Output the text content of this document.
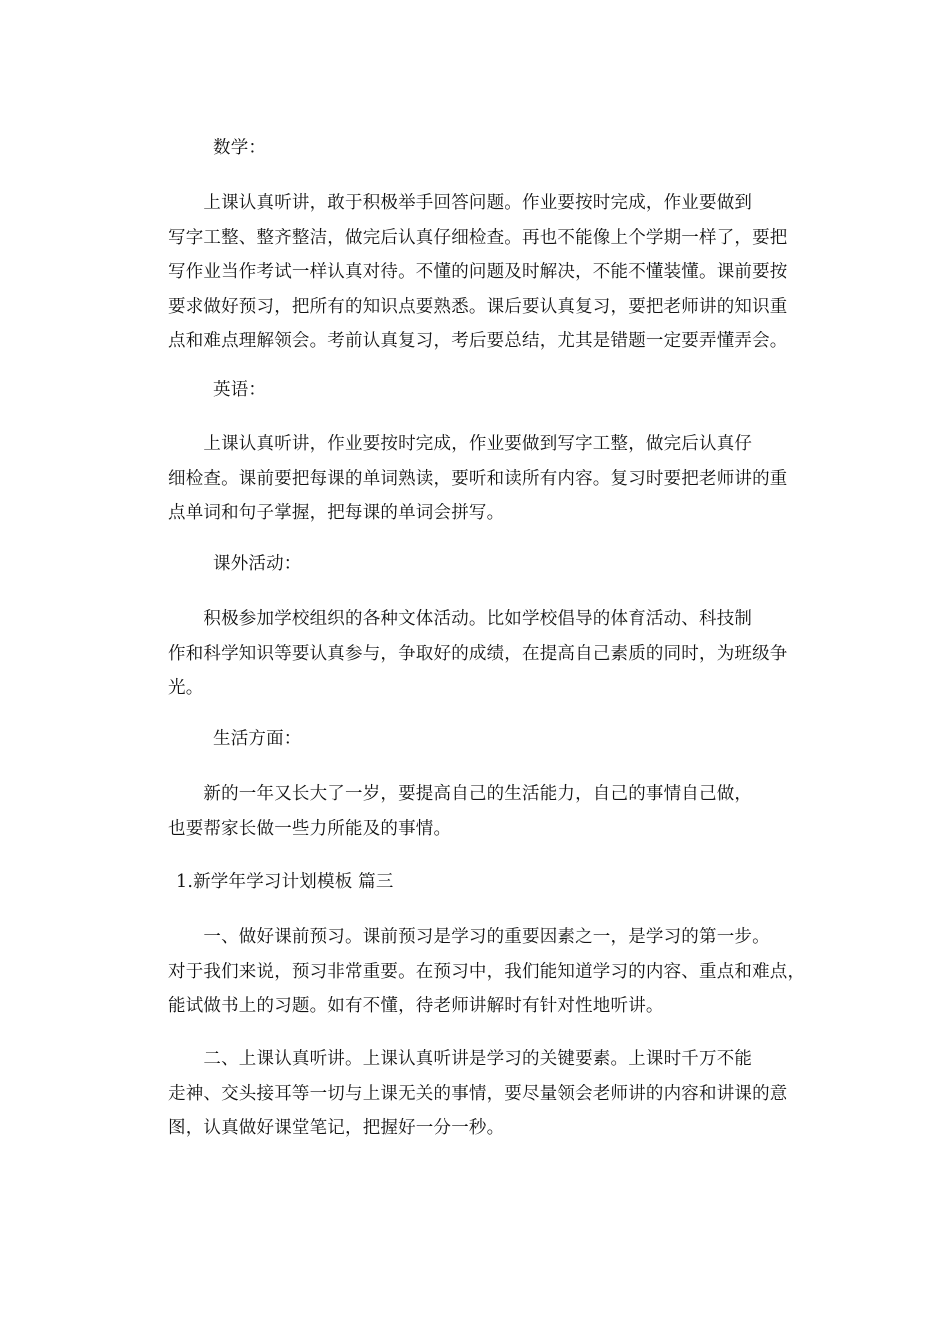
数学：
　　上课认真听讲，敢于积极举手回答问题。作业要按时完成，作业要做到
写字工整、整齐整洁，做完后认真仔细检查。再也不能像上个学期一样了，要把
写作业当作考试一样认真对待。不懂的问题及时解决，不能不懂装懂。课前要按
要求做好预习，把所有的知识点要熟悉。课后要认真复习，要把老师讲的知识重
点和难点理解领会。考前认真复习，考后要总结，尤其是错题一定要弄懂弄会。
英语：
　　上课认真听讲，作业要按时完成，作业要做到写字工整，做完后认真仔
细检查。课前要把每课的单词熟读，要听和读所有内容。复习时要把老师讲的重
点单词和句子掌握，把每课的单词会拼写。
课外活动：
　　积极参加学校组织的各种文体活动。比如学校倡导的体育活动、科技制
作和科学知识等要认真参与，争取好的成绩，在提高自己素质的同时，为班级争
光。
生活方面：
　　新的一年又长大了一岁，要提高自己的生活能力，自己的事情自己做，
也要帮家长做一些力所能及的事情。
1.新学年学习计划模板 篇三
　　一、做好课前预习。课前预习是学习的重要因素之一，是学习的第一步。
对于我们来说，预习非常重要。在预习中，我们能知道学习的内容、重点和难点，
能试做书上的习题。如有不懂，待老师讲解时有针对性地听讲。
　　二、上课认真听讲。上课认真听讲是学习的关键要素。上课时千万不能
走神、交头接耳等一切与上课无关的事情，要尽量领会老师讲的内容和讲课的意
图，认真做好课堂笔记，把握好一分一秒。
